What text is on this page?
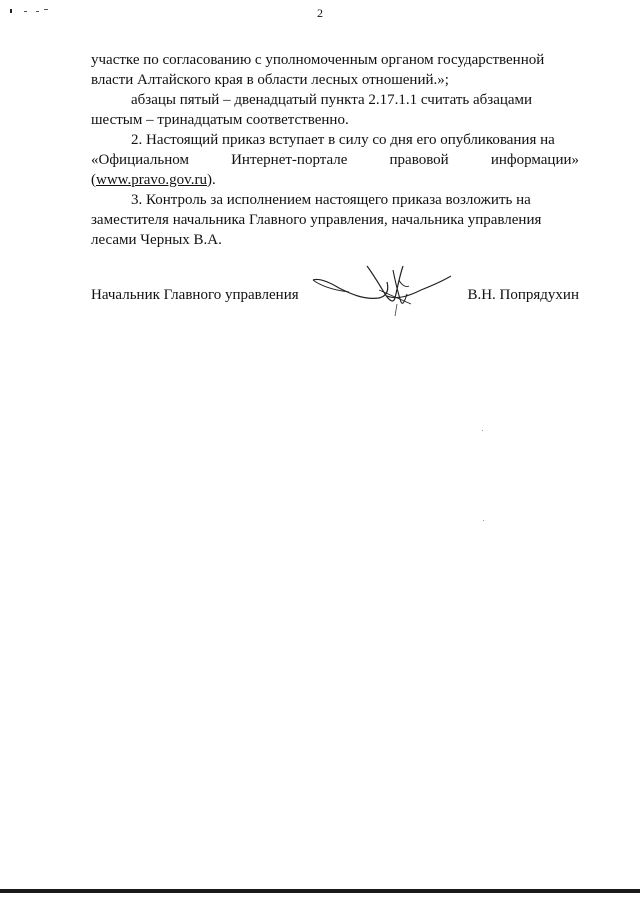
2

участке по согласованию с уполномоченным органом государственной
власти Алтайского края в области лесных отношений.»;

абзацы пятый – двенадцатый пункта 2.17.1.1 считать абзацами
шестым – тринадцатым соответственно.

2. Настоящий приказ вступает в силу со дня его опубликования на
«Официальном Интернет-портале правовой информации»
(www.pravo.gov.ru).

3. Контроль за исполнением настоящего приказа возложить на
заместителя начальника Главного управления, начальника управления
лесами Черных В.А.

Начальник Главного управления	В.Н. Попрядухин
